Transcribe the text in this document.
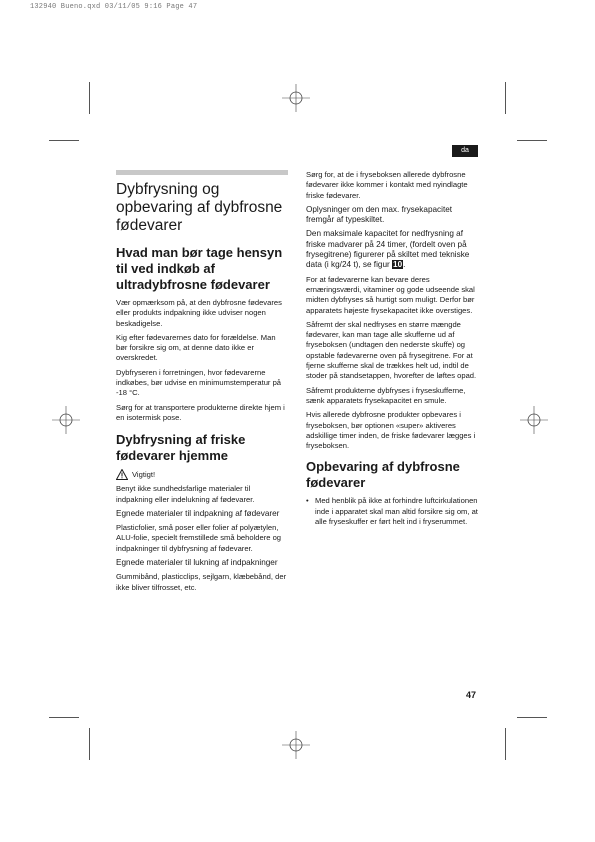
132940 Bueno.qxd 03/11/05 9:16 Page 47
da
Dybfrysning og opbevaring af dybfrosne fødevarer
Hvad man bør tage hensyn til ved indkøb af ultradybfrosne fødevarer

Vær opmærksom på, at den dybfrosne fødevares eller produkts indpakning ikke udviser nogen beskadigelse.

Kig efter fødevarernes dato for forældelse. Man bør forsikre sig om, at denne dato ikke er overskredet.

Dybfryseren i forretningen, hvor fødevarerne indkøbes, bør udvise en minimumstemperatur på -18 °C.

Sørg for at transportere produkterne direkte hjem i en isotermisk pose.

Dybfrysning af friske fødevarer hjemme
Vigtigt!

Benyt ikke sundhedsfarlige materialer til indpakning eller indelukning af fødevarer.

Egnede materialer til indpakning af fødevarer

Plasticfolier, små poser eller folier af polyætylen, ALU-folie, specielt fremstillede små beholdere og indpakninger til dybfrysning af fødevarer.

Egnede materialer til lukning af indpakninger

Gummibånd, plasticclips, sejlgarn, klæbebånd, der ikke bliver tilfrosset, etc.

Sørg for, at de i fryseboksen allerede dybfrosne fødevarer ikke kommer i kontakt med nyindlagte friske fødevarer.

Oplysninger om den max. frysekapacitet fremgår af typeskiltet.

Den maksimale kapacitet for nedfrysning af friske madvarer på 24 timer, (fordelt oven på frysegitrene) figurerer på skiltet med tekniske data (i kg/24 t), se figur 10.

For at fødevarerne kan bevare deres ernæringsværdi, vitaminer og gode udseende skal midten dybfryses så hurtigt som muligt. Derfor bør apparatets højeste frysekapacitet ikke overstiges.

Såfremt der skal nedfryses en større mængde fødevarer, kan man tage alle skufferne ud af fryseboksen (undtagen den nederste skuffe) og opstable fødevarerne oven på frysegitrene. For at fjerne skufferne skal de trækkes helt ud, indtil de stoder på standsetappen, hvorefter de løftes opad.

Såfremt produkterne dybfryses i fryseskufferne, sænk apparatets frysekapacitet en smule.

Hvis allerede dybfrosne produkter opbevares i fryseboksen, bør optionen «super» aktiveres adskillige timer inden, de friske fødevarer lægges i fryseboksen.

Opbevaring af dybfrosne fødevarer
• Med henblik på ikke at forhindre luftcirkulationen inde i apparatet skal man altid forsikre sig om, at alle fryseskuffer er ført helt ind i fryserummet.
47
